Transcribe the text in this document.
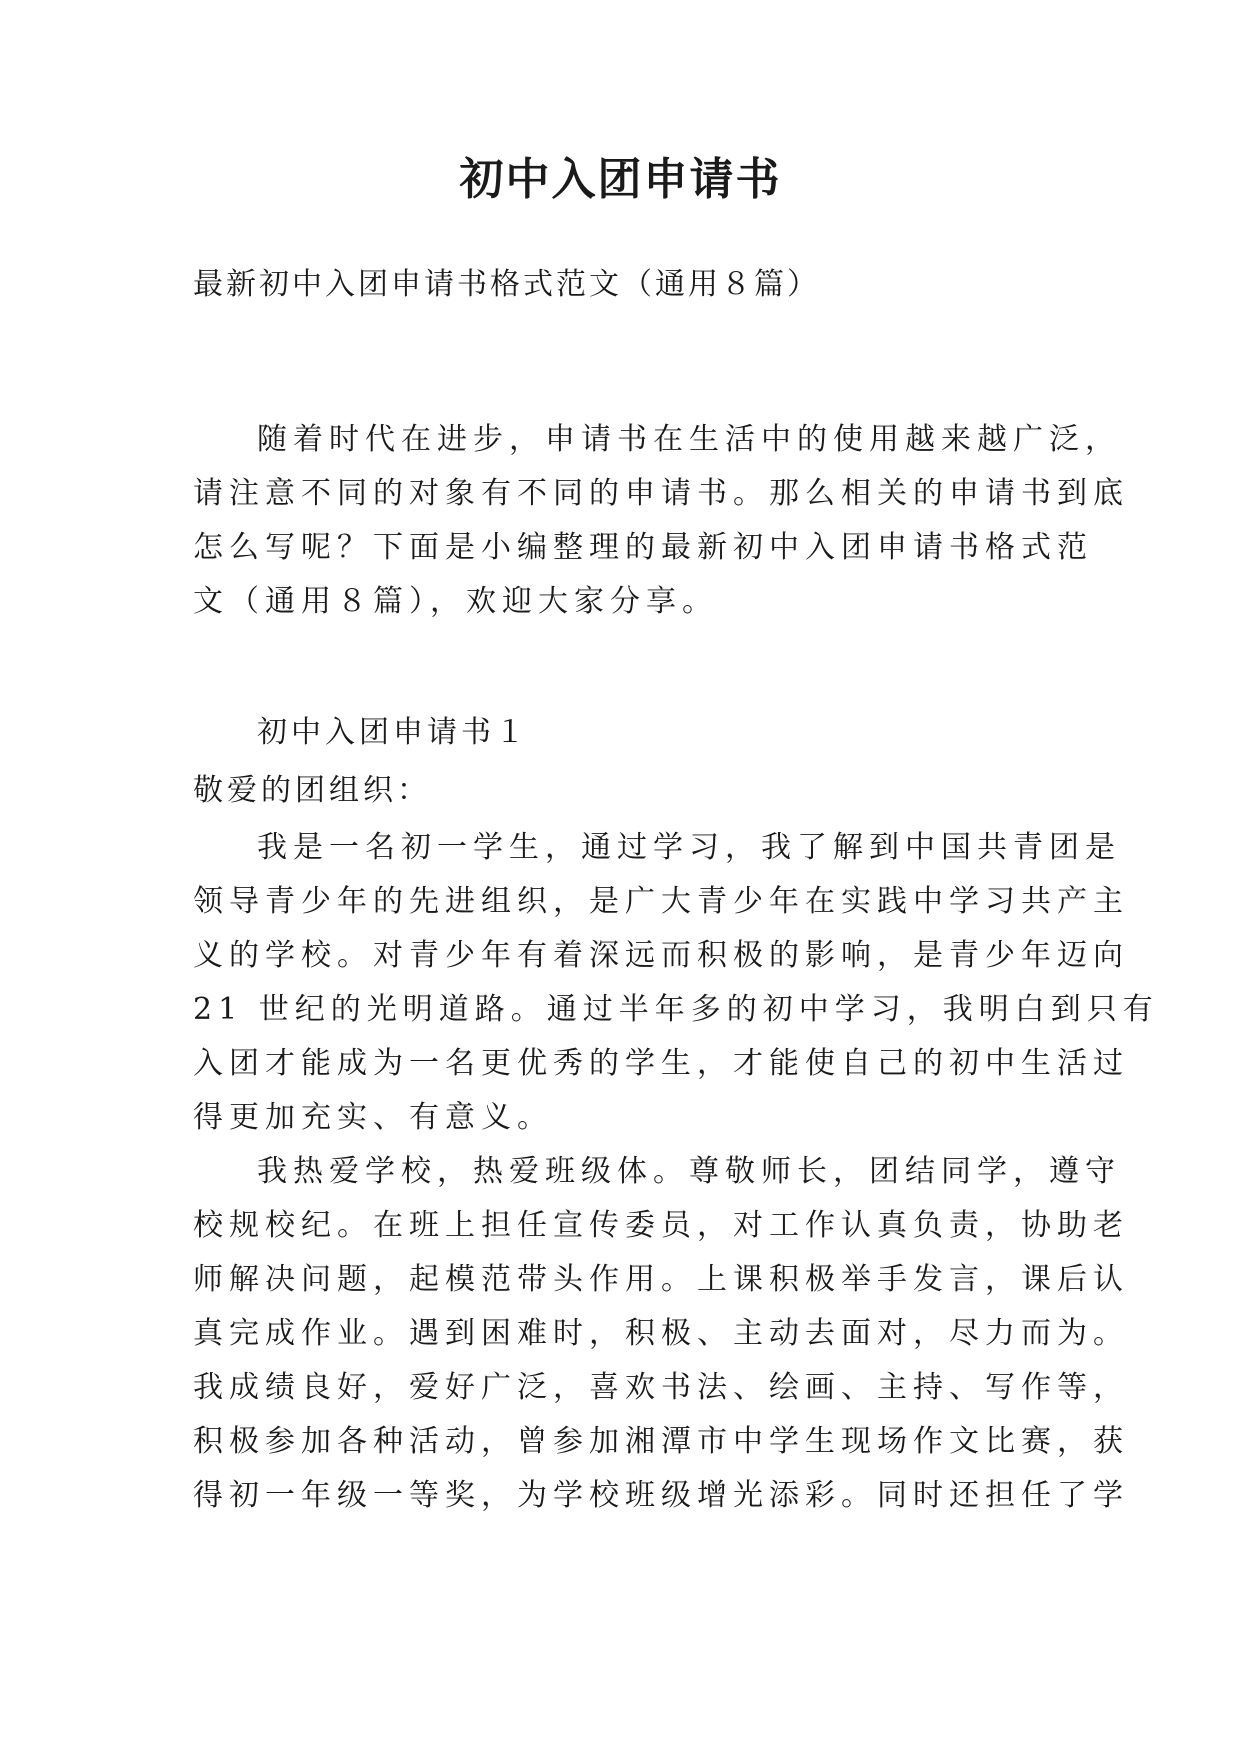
初中入团申请书

最新初中入团申请书格式范文（通用８篇）

随着时代在进步，申请书在生活中的使用越来越广泛，
请注意不同的对象有不同的申请书。那么相关的申请书到底
怎么写呢？下面是小编整理的最新初中入团申请书格式范
文（通用８篇），欢迎大家分享。
初中入团申请书１
敬爱的团组织：
我是一名初一学生，通过学习，我了解到中国共青团是
领导青少年的先进组织，是广大青少年在实践中学习共产主
义的学校。对青少年有着深远而积极的影响，是青少年迈向
21 世纪的光明道路。通过半年多的初中学习，我明白到只有
入团才能成为一名更优秀的学生，才能使自己的初中生活过
得更加充实、有意义。
我热爱学校，热爱班级体。尊敬师长，团结同学，遵守
校规校纪。在班上担任宣传委员，对工作认真负责，协助老
师解决问题，起模范带头作用。上课积极举手发言，课后认
真完成作业。遇到困难时，积极、主动去面对，尽力而为。
我成绩良好，爱好广泛，喜欢书法、绘画、主持、写作等，
积极参加各种活动，曾参加湘潭市中学生现场作文比赛，获
得初一年级一等奖，为学校班级增光添彩。同时还担任了学
